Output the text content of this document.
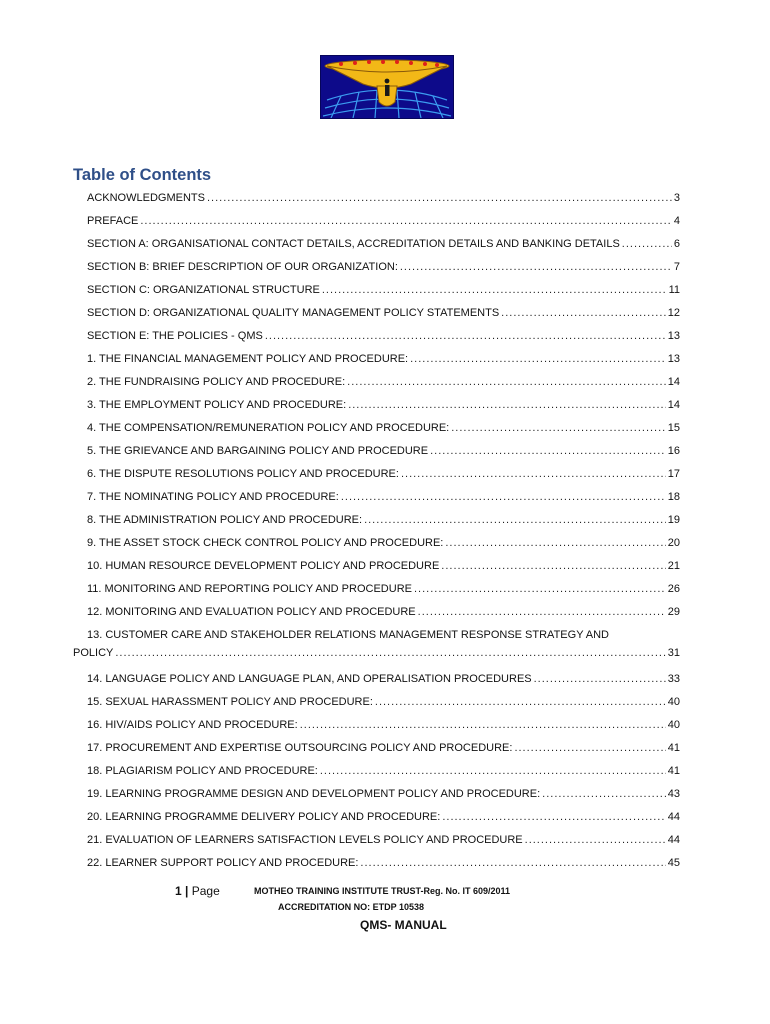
Table of Contents
ACKNOWLEDGMENTS .....	3
PREFACE .....	4
SECTION A: ORGANISATIONAL CONTACT DETAILS, ACCREDITATION DETAILS AND BANKING DETAILS .....	6
SECTION B: BRIEF DESCRIPTION OF OUR ORGANIZATION: .....	7
SECTION C: ORGANIZATIONAL STRUCTURE .....	11
SECTION D: ORGANIZATIONAL QUALITY MANAGEMENT POLICY STATEMENTS .....	12
SECTION E: THE POLICIES - QMS .....	13
1. THE FINANCIAL MANAGEMENT POLICY AND PROCEDURE: .....	13
2. THE FUNDRAISING POLICY AND PROCEDURE: .....	14
3. THE EMPLOYMENT POLICY AND PROCEDURE: .....	14
4. THE COMPENSATION/REMUNERATION POLICY AND PROCEDURE: .....	15
5. THE GRIEVANCE AND BARGAINING POLICY AND PROCEDURE .....	16
6. THE DISPUTE RESOLUTIONS POLICY AND PROCEDURE: .....	17
7. THE NOMINATING POLICY AND PROCEDURE: .....	18
8. THE ADMINISTRATION POLICY AND PROCEDURE: .....	19
9. THE ASSET STOCK CHECK CONTROL POLICY AND PROCEDURE: .....	20
10. HUMAN RESOURCE DEVELOPMENT POLICY AND PROCEDURE .....	21
11. MONITORING AND REPORTING POLICY AND PROCEDURE .....	26
12. MONITORING AND EVALUATION POLICY AND PROCEDURE .....	29
13. CUSTOMER CARE AND STAKEHOLDER RELATIONS MANAGEMENT RESPONSE STRATEGY AND
POLICY .....	31
14. LANGUAGE POLICY AND LANGUAGE PLAN, AND OPERALISATION PROCEDURES .....	33
15. SEXUAL HARASSMENT POLICY AND PROCEDURE: .....	40
16. HIV/AIDS POLICY AND PROCEDURE: .....	40
17. PROCUREMENT AND EXPERTISE OUTSOURCING POLICY AND PROCEDURE: .....	41
18. PLAGIARISM POLICY AND PROCEDURE: .....	41
19. LEARNING PROGRAMME DESIGN AND DEVELOPMENT POLICY AND PROCEDURE: .....	43
20. LEARNING PROGRAMME DELIVERY POLICY AND PROCEDURE: .....	44
21. EVALUATION OF LEARNERS SATISFACTION LEVELS POLICY AND PROCEDURE .....	44
22. LEARNER SUPPORT POLICY AND PROCEDURE: .....	45
1 | Page	MOTHEO TRAINING INSTITUTE TRUST-Reg. No. IT 609/2011
ACCREDITATION NO: ETDP 10538
QMS- MANUAL
